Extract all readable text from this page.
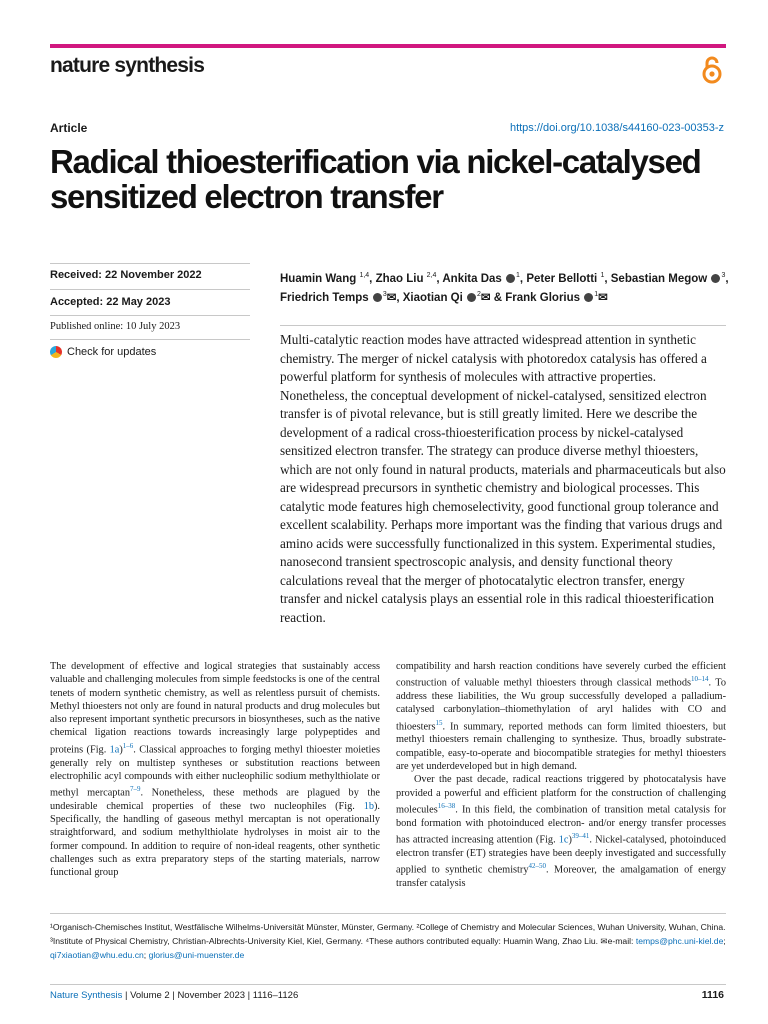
nature synthesis
Article	https://doi.org/10.1038/s44160-023-00353-z
Radical thioesterification via nickel-catalysed sensitized electron transfer
Received: 22 November 2022
Accepted: 22 May 2023
Published online: 10 July 2023
Check for updates
Huamin Wang $^{1,4}$, Zhao Liu $^{2,4}$, Ankita Das $^1$, Peter Bellotti $^1$, Sebastian Megow $^3$, Friedrich Temps $^3$✉, Xiaotian Qi $^2$✉ & Frank Glorius $^1$✉

Multi-catalytic reaction modes have attracted widespread attention in synthetic chemistry. The merger of nickel catalysis with photoredox catalysis has offered a powerful platform for synthesis of molecules with attractive properties. Nonetheless, the conceptual development of nickel-catalysed, sensitized electron transfer is of pivotal relevance, but is still greatly limited. Here we describe the development of a radical cross-thioesterification process by nickel-catalysed sensitized electron transfer. The strategy can produce diverse methyl thioesters, which are not only found in natural products, materials and pharmaceuticals but also are widespread precursors in synthetic chemistry and biological processes. This catalytic mode features high chemoselectivity, good functional group tolerance and excellent scalability. Perhaps more important was the finding that various drugs and amino acids were successfully functionalized in this system. Experimental studies, nanosecond transient spectroscopic analysis, and density functional theory calculations reveal that the merger of photocatalytic electron transfer, energy transfer and nickel catalysis plays an essential role in this radical thioesterification reaction.

The development of effective and logical strategies that sustainably access valuable and challenging molecules from simple feedstocks is one of the central tenets of modern synthetic chemistry, as well as relentless pursuit of chemists. Methyl thioesters not only are found in natural products and drug molecules but also represent important synthetic precursors in biosyntheses, such as the native chemical ligation reactions towards increasingly large polypeptides and proteins (Fig. 1a)$^{1-6}$. Classical approaches to forging methyl thioester moieties generally rely on multistep syntheses or substitution reactions between electrophilic acyl compounds with either nucleophilic sodium methylthiolate or methyl mercaptan$^{7-9}$. Nonetheless, these methods are plagued by the undesirable chemical properties of these two nucleophiles (Fig. 1b). Specifically, the handling of gaseous methyl mercaptan is not operationally straightforward, and sodium methylthiolate hydrolyses in moist air to the former compound. In addition to require of non-ideal reagents, other synthetic challenges such as extra preparatory steps of the starting materials, narrow functional group

compatibility and harsh reaction conditions have severely curbed the efficient construction of valuable methyl thioesters through classical methods$^{10-14}$. To address these liabilities, the Wu group successfully developed a palladium-catalysed carbonylation–thiomethylation of aryl halides with CO and thioesters$^{15}$. In summary, reported methods can form limited thioesters, but methyl thioesters remain challenging to synthesize. Thus, broadly substrate-compatible, easy-to-operate and biocompatible strategies for methyl thioesters are yet underdeveloped but in high demand.

Over the past decade, radical reactions triggered by photocatalysis have provided a powerful and efficient platform for the construction of challenging molecules$^{16-38}$. In this field, the combination of transition metal catalysis for bond formation with photoinduced electron- and/or energy transfer processes has attracted increasing attention (Fig. 1c)$^{39-41}$. Nickel-catalysed, photoinduced electron transfer (ET) strategies have been deeply investigated and successfully applied to synthetic chemistry$^{42-50}$. Moreover, the amalgamation of energy transfer catalysis

¹Organisch-Chemisches Institut, Westfälische Wilhelms-Universität Münster, Münster, Germany. ²College of Chemistry and Molecular Sciences, Wuhan University, Wuhan, China. ³Institute of Physical Chemistry, Christian-Albrechts-University Kiel, Kiel, Germany. ⁴These authors contributed equally: Huamin Wang, Zhao Liu. ✉e-mail: temps@phc.uni-kiel.de; qi7xiaotian@whu.edu.cn; glorius@uni-muenster.de
Nature Synthesis | Volume 2 | November 2023 | 1116–1126	1116
